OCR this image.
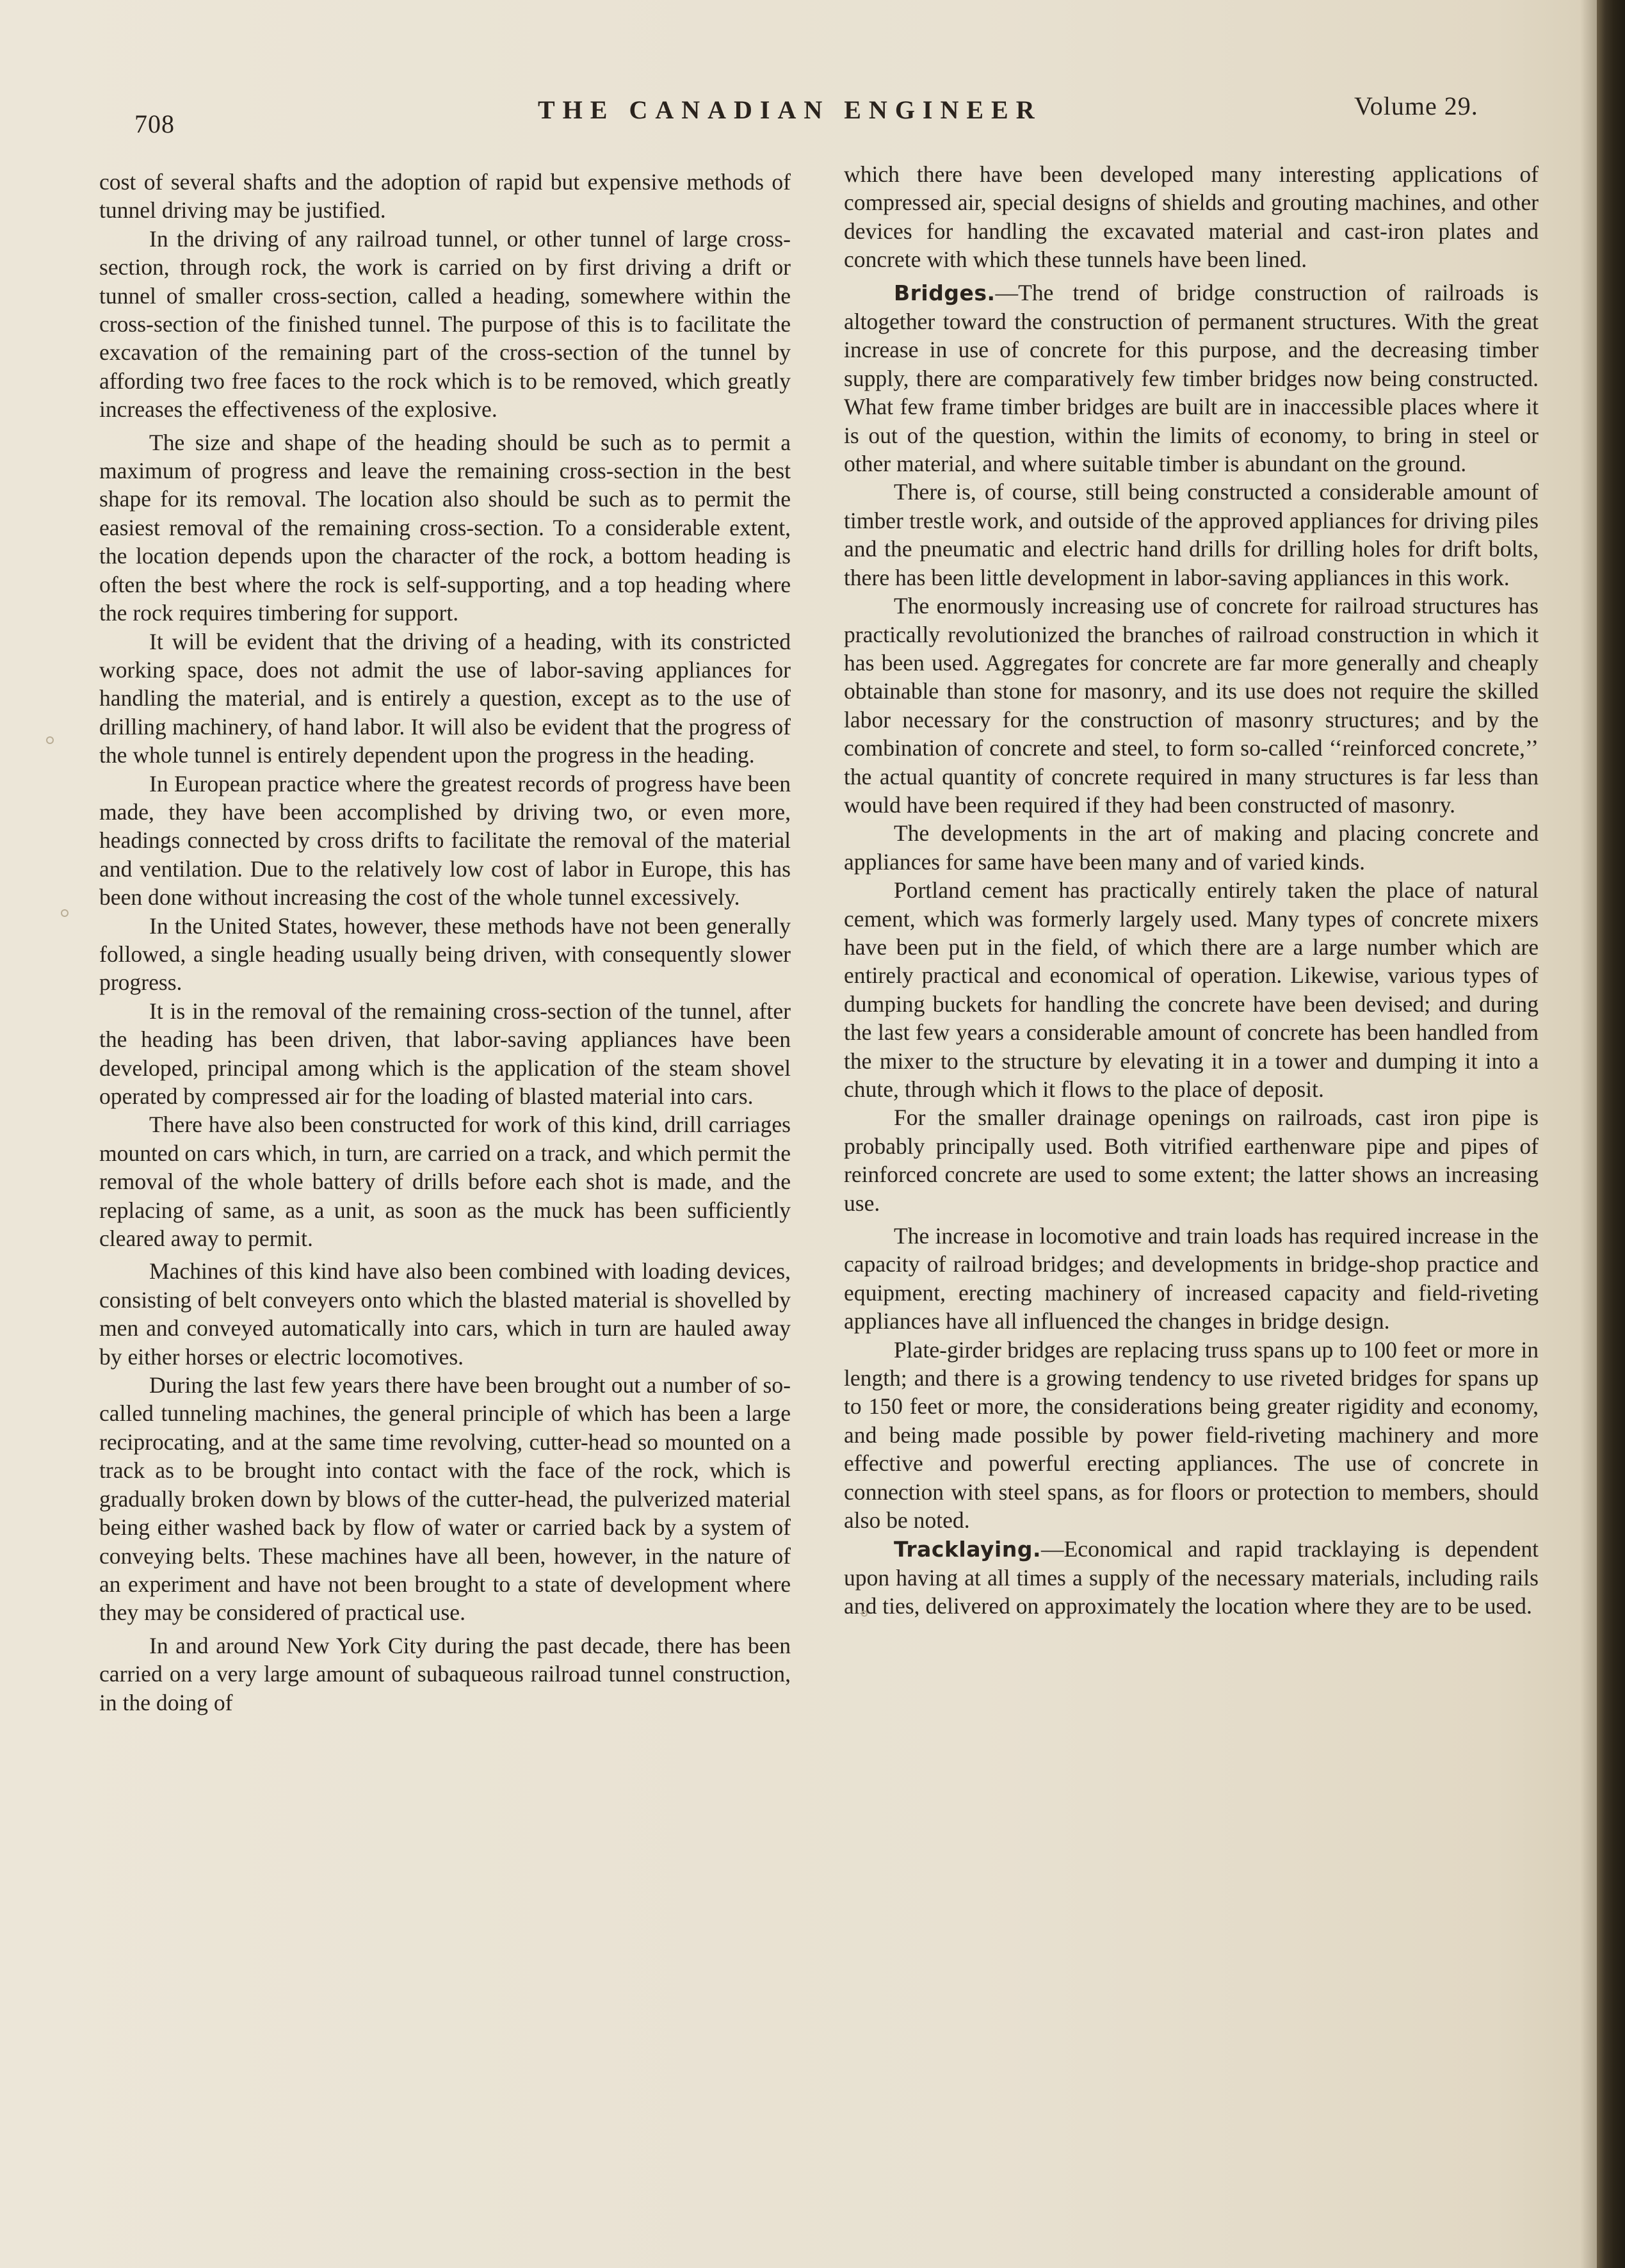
708	THE CANADIAN ENGINEER	Volume 29.

cost of several shafts and the adoption of rapid but expensive methods of tunnel driving may be justified.

In the driving of any railroad tunnel, or other tunnel of large cross-section, through rock, the work is carried on by first driving a drift or tunnel of smaller cross-section, called a heading, somewhere within the cross-section of the finished tunnel. The purpose of this is to facilitate the excavation of the remaining part of the cross-section of the tunnel by affording two free faces to the rock which is to be removed, which greatly increases the effectiveness of the explosive.

The size and shape of the heading should be such as to permit a maximum of progress and leave the remaining cross-section in the best shape for its removal. The location also should be such as to permit the easiest removal of the remaining cross-section. To a considerable extent, the location depends upon the character of the rock, a bottom heading is often the best where the rock is self-supporting, and a top heading where the rock requires timbering for support.

It will be evident that the driving of a heading, with its constricted working space, does not admit the use of labor-saving appliances for handling the material, and is entirely a question, except as to the use of drilling machinery, of hand labor. It will also be evident that the progress of the whole tunnel is entirely dependent upon the progress in the heading.

In European practice where the greatest records of progress have been made, they have been accomplished by driving two, or even more, headings connected by cross drifts to facilitate the removal of the material and ventilation. Due to the relatively low cost of labor in Europe, this has been done without increasing the cost of the whole tunnel excessively.

In the United States, however, these methods have not been generally followed, a single heading usually being driven, with consequently slower progress.

It is in the removal of the remaining cross-section of the tunnel, after the heading has been driven, that labor-saving appliances have been developed, principal among which is the application of the steam shovel operated by compressed air for the loading of blasted material into cars.

There have also been constructed for work of this kind, drill carriages mounted on cars which, in turn, are carried on a track, and which permit the removal of the whole battery of drills before each shot is made, and the replacing of same, as a unit, as soon as the muck has been sufficiently cleared away to permit.

Machines of this kind have also been combined with loading devices, consisting of belt conveyers onto which the blasted material is shovelled by men and conveyed automatically into cars, which in turn are hauled away by either horses or electric locomotives.

During the last few years there have been brought out a number of so-called tunneling machines, the general principle of which has been a large reciprocating, and at the same time revolving, cutter-head so mounted on a track as to be brought into contact with the face of the rock, which is gradually broken down by blows of the cutter-head, the pulverized material being either washed back by flow of water or carried back by a system of conveying belts. These machines have all been, however, in the nature of an experiment and have not been brought to a state of development where they may be considered of practical use.

In and around New York City during the past decade, there has been carried on a very large amount of subaqueous railroad tunnel construction, in the doing of

which there have been developed many interesting applications of compressed air, special designs of shields and grouting machines, and other devices for handling the excavated material and cast-iron plates and concrete with which these tunnels have been lined.

Bridges.—The trend of bridge construction of railroads is altogether toward the construction of permanent structures. With the great increase in use of concrete for this purpose, and the decreasing timber supply, there are comparatively few timber bridges now being constructed. What few frame timber bridges are built are in inaccessible places where it is out of the question, within the limits of economy, to bring in steel or other material, and where suitable timber is abundant on the ground.

There is, of course, still being constructed a considerable amount of timber trestle work, and outside of the approved appliances for driving piles and the pneumatic and electric hand drills for drilling holes for drift bolts, there has been little development in labor-saving appliances in this work.

The enormously increasing use of concrete for railroad structures has practically revolutionized the branches of railroad construction in which it has been used. Aggregates for concrete are far more generally and cheaply obtainable than stone for masonry, and its use does not require the skilled labor necessary for the construction of masonry structures; and by the combination of concrete and steel, to form so-called ‘‘reinforced concrete,’’ the actual quantity of concrete required in many structures is far less than would have been required if they had been constructed of masonry.

The developments in the art of making and placing concrete and appliances for same have been many and of varied kinds.

Portland cement has practically entirely taken the place of natural cement, which was formerly largely used. Many types of concrete mixers have been put in the field, of which there are a large number which are entirely practical and economical of operation. Likewise, various types of dumping buckets for handling the concrete have been devised; and during the last few years a considerable amount of concrete has been handled from the mixer to the structure by elevating it in a tower and dumping it into a chute, through which it flows to the place of deposit.

For the smaller drainage openings on railroads, cast iron pipe is probably principally used. Both vitrified earthenware pipe and pipes of reinforced concrete are used to some extent; the latter shows an increasing use.

The increase in locomotive and train loads has required increase in the capacity of railroad bridges; and developments in bridge-shop practice and equipment, erecting machinery of increased capacity and field-riveting appliances have all influenced the changes in bridge design.

Plate-girder bridges are replacing truss spans up to 100 feet or more in length; and there is a growing tendency to use riveted bridges for spans up to 150 feet or more, the considerations being greater rigidity and economy, and being made possible by power field-riveting machinery and more effective and powerful erecting appliances. The use of concrete in connection with steel spans, as for floors or protection to members, should also be noted.

Tracklaying.—Economical and rapid tracklaying is dependent upon having at all times a supply of the necessary materials, including rails and ties, delivered on approximately the location where they are to be used.
